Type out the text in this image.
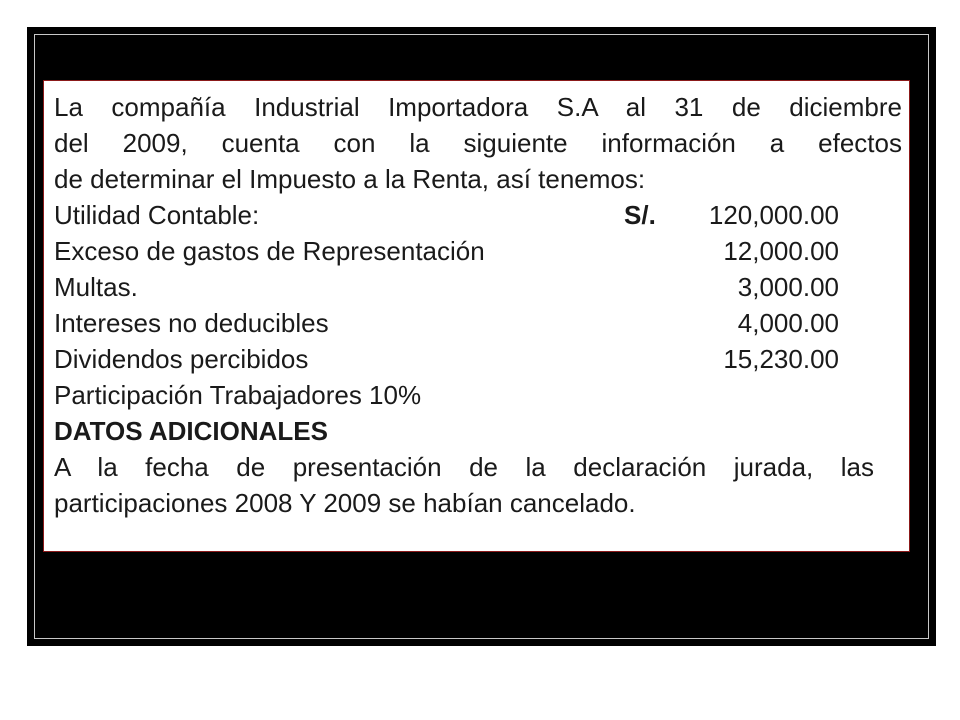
La compañía Industrial Importadora S.A al 31 de diciembre
del 2009, cuenta con la siguiente información a efectos
de determinar el Impuesto a la Renta, así tenemos:
Utilidad Contable:	S/. 120,000.00
Exceso de gastos de Representación	12,000.00
Multas.	3,000.00
Intereses no deducibles	4,000.00
Dividendos percibidos	15,230.00
Participación Trabajadores 10%
DATOS ADICIONALES
A la fecha de presentación de la declaración jurada, las
participaciones 2008 Y 2009 se habían cancelado.
